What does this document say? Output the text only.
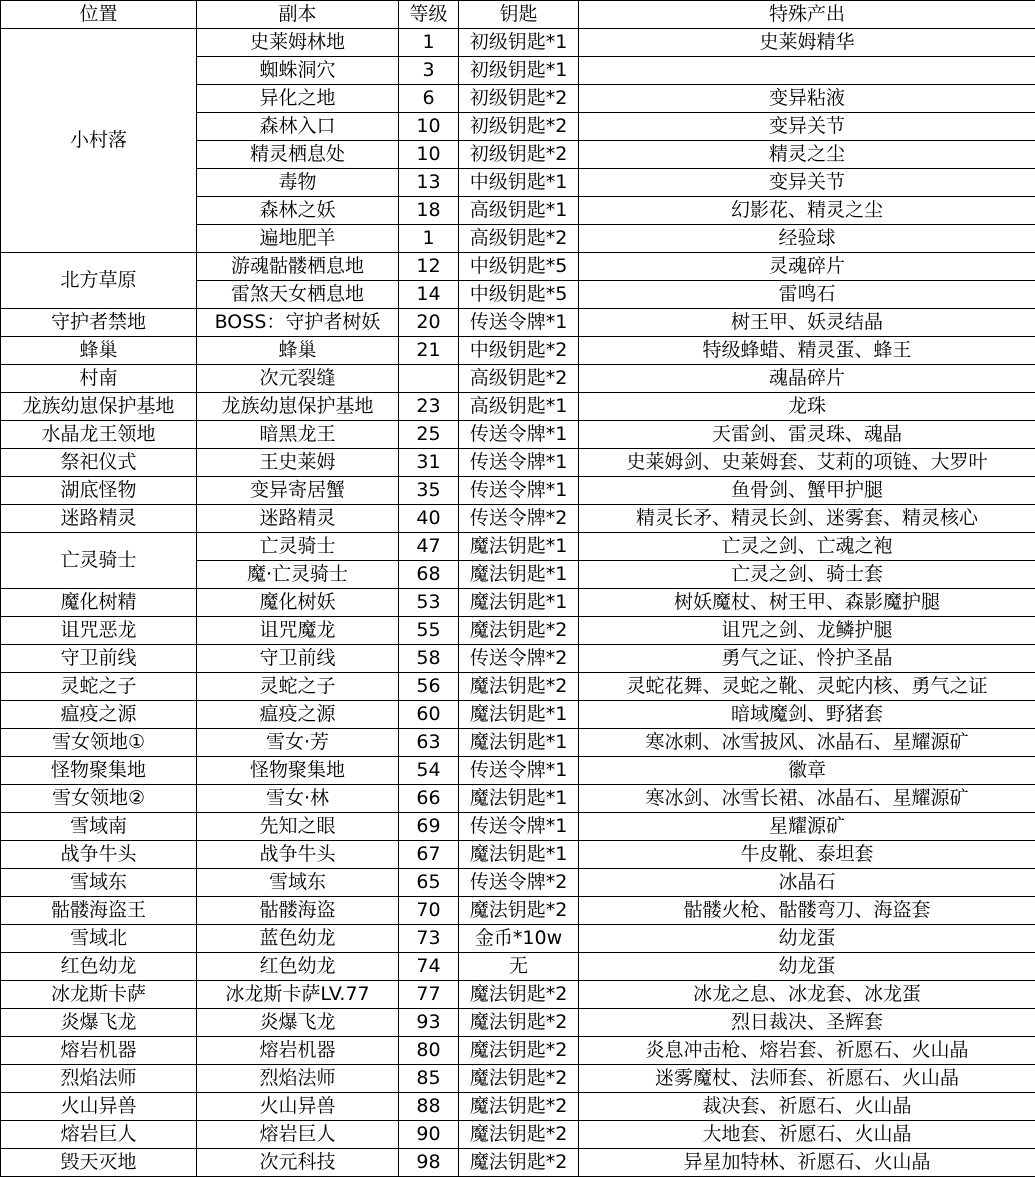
位置	副本	等级	钥匙	特殊产出
小村落	史莱姆林地	1	初级钥匙*1	史莱姆精华
	蜘蛛洞穴	3	初级钥匙*1	
	异化之地	6	初级钥匙*2	变异粘液
	森林入口	10	初级钥匙*2	变异关节
	精灵栖息处	10	初级钥匙*2	精灵之尘
	毒物	13	中级钥匙*1	变异关节
	森林之妖	18	高级钥匙*1	幻影花、精灵之尘
	遍地肥羊	1	高级钥匙*2	经验球
北方草原	游魂骷髅栖息地	12	中级钥匙*5	灵魂碎片
	雷煞天女栖息地	14	中级钥匙*5	雷鸣石
守护者禁地	BOSS：守护者树妖	20	传送令牌*1	树王甲、妖灵结晶
蜂巢	蜂巢	21	中级钥匙*2	特级蜂蜡、精灵蛋、蜂王
村南	次元裂缝		高级钥匙*2	魂晶碎片
龙族幼崽保护基地	龙族幼崽保护基地	23	高级钥匙*1	龙珠
水晶龙王领地	暗黑龙王	25	传送令牌*1	天雷剑、雷灵珠、魂晶
祭祀仪式	王史莱姆	31	传送令牌*1	史莱姆剑、史莱姆套、艾莉的项链、大罗叶
湖底怪物	变异寄居蟹	35	传送令牌*1	鱼骨剑、蟹甲护腿
迷路精灵	迷路精灵	40	传送令牌*2	精灵长矛、精灵长剑、迷雾套、精灵核心
亡灵骑士	亡灵骑士	47	魔法钥匙*1	亡灵之剑、亡魂之袍
	魔·亡灵骑士	68	魔法钥匙*1	亡灵之剑、骑士套
魔化树精	魔化树妖	53	魔法钥匙*1	树妖魔杖、树王甲、森影魔护腿
诅咒恶龙	诅咒魔龙	55	魔法钥匙*2	诅咒之剑、龙鳞护腿
守卫前线	守卫前线	58	传送令牌*2	勇气之证、怜护圣晶
灵蛇之子	灵蛇之子	56	魔法钥匙*2	灵蛇花舞、灵蛇之靴、灵蛇内核、勇气之证
瘟疫之源	瘟疫之源	60	魔法钥匙*1	暗域魔剑、野猪套
雪女领地①	雪女·芳	63	魔法钥匙*1	寒冰刺、冰雪披风、冰晶石、星耀源矿
怪物聚集地	怪物聚集地	54	传送令牌*1	徽章
雪女领地②	雪女·林	66	魔法钥匙*1	寒冰剑、冰雪长裙、冰晶石、星耀源矿
雪域南	先知之眼	69	传送令牌*1	星耀源矿
战争牛头	战争牛头	67	魔法钥匙*1	牛皮靴、泰坦套
雪域东	雪域东	65	传送令牌*2	冰晶石
骷髅海盗王	骷髅海盗	70	魔法钥匙*2	骷髅火枪、骷髅弯刀、海盗套
雪域北	蓝色幼龙	73	金币*10w	幼龙蛋
红色幼龙	红色幼龙	74	无	幼龙蛋
冰龙斯卡萨	冰龙斯卡萨LV.77	77	魔法钥匙*2	冰龙之息、冰龙套、冰龙蛋
炎爆飞龙	炎爆飞龙	93	魔法钥匙*2	烈日裁决、圣辉套
熔岩机器	熔岩机器	80	魔法钥匙*2	炎息冲击枪、熔岩套、祈愿石、火山晶
烈焰法师	烈焰法师	85	魔法钥匙*2	迷雾魔杖、法师套、祈愿石、火山晶
火山异兽	火山异兽	88	魔法钥匙*2	裁决套、祈愿石、火山晶
熔岩巨人	熔岩巨人	90	魔法钥匙*2	大地套、祈愿石、火山晶
毁天灭地	次元科技	98	魔法钥匙*2	异星加特林、祈愿石、火山晶
